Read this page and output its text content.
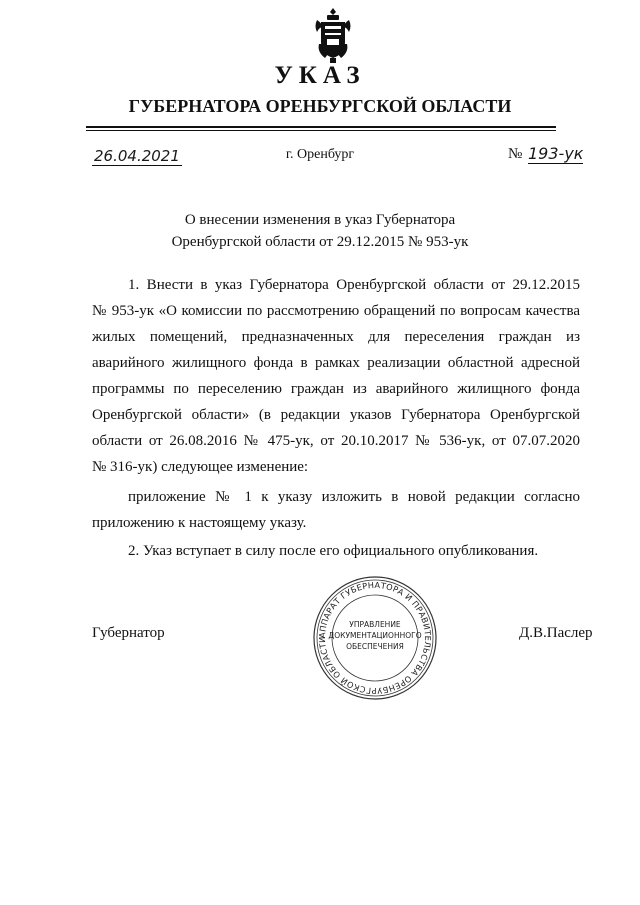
УКАЗ
ГУБЕРНАТОРА ОРЕНБУРГСКОЙ ОБЛАСТИ
26.04.2021	г. Оренбург	№ 193-ук
О внесении изменения в указ Губернатора
Оренбургской области от 29.12.2015 № 953-ук
1. Внести в указ Губернатора Оренбургской области от 29.12.2015
№ 953-ук «О комиссии по рассмотрению обращений по вопросам качества
жилых помещений, предназначенных для переселения граждан из
аварийного жилищного фонда в рамках реализации областной адресной
программы по переселению граждан из аварийного жилищного фонда
Оренбургской области» (в редакции указов Губернатора Оренбургской
области от 26.08.2016 № 475-ук, от 20.10.2017 № 536-ук, от 07.07.2020
№ 316-ук) следующее изменение:
приложение № 1 к указу изложить в новой редакции согласно
приложению к настоящему указу.
2. Указ вступает в силу после его официального опубликования.
Губернатор	Д.В.Паслер
АППАРАТ ГУБЕРНАТОРА И ПРАВИТЕЛЬСТВА ОРЕНБУРГСКОЙ ОБЛАСТИ
УПРАВЛЕНИЕ
ДОКУМЕНТАЦИОННОГО
ОБЕСПЕЧЕНИЯ
